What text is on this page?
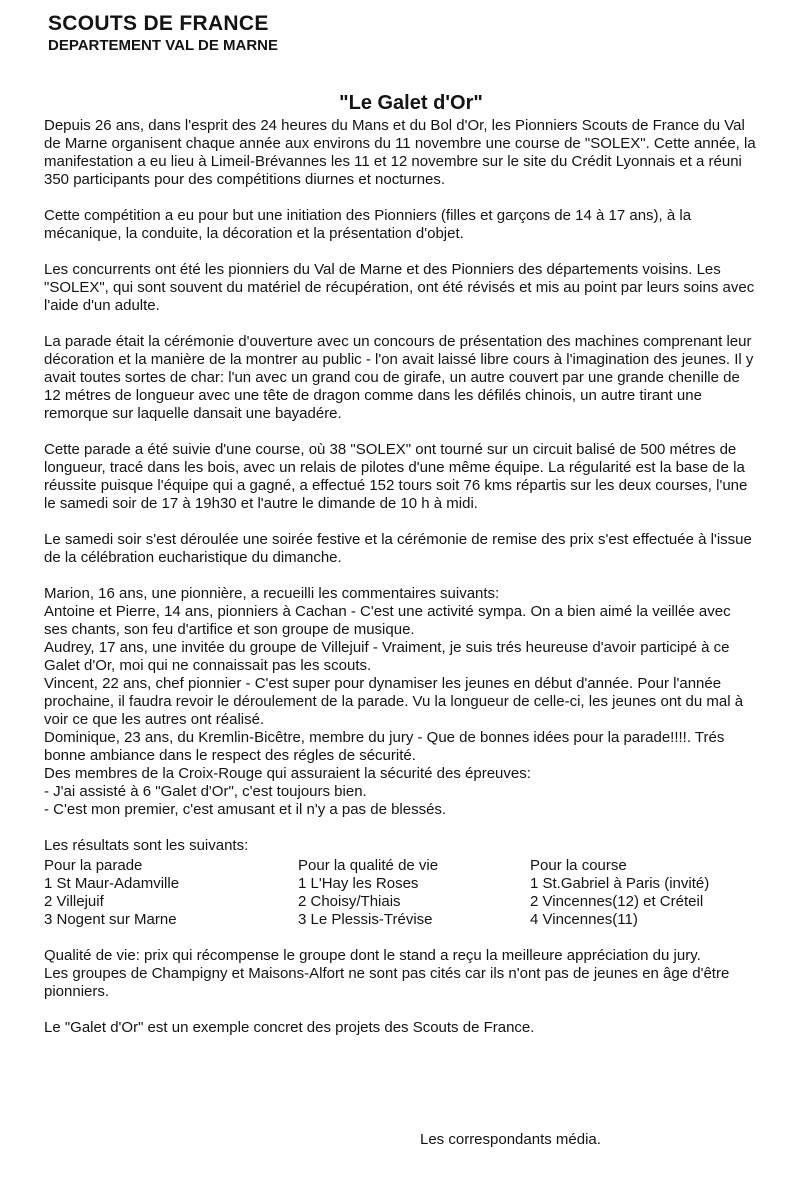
SCOUTS DE FRANCE
DEPARTEMENT VAL DE MARNE
"Le Galet d'Or"

Depuis 26 ans, dans l'esprit des 24 heures du Mans et du Bol d'Or, les Pionniers Scouts de France du Val de Marne organisent chaque année aux environs du 11 novembre une course de "SOLEX". Cette année, la manifestation a eu lieu à Limeil-Brévannes les 11 et 12 novembre sur le site du Crédit Lyonnais et a réuni 350 participants pour des compétitions diurnes et nocturnes.

Cette compétition a eu pour but une initiation des Pionniers (filles et garçons de 14 à 17 ans), à la mécanique, la conduite, la décoration et la présentation d'objet.

Les concurrents ont été les pionniers du Val de Marne et des Pionniers des départements voisins. Les "SOLEX", qui sont souvent du matériel de récupération, ont été révisés et mis au point par leurs soins avec l'aide d'un adulte.

La parade était la cérémonie d'ouverture avec un concours de présentation des machines comprenant leur décoration et la manière de la montrer au public - l'on avait laissé libre cours à l'imagination des jeunes. Il y avait toutes sortes de char: l'un avec un grand cou de girafe, un autre couvert par une grande chenille de 12 métres de longueur avec une tête de dragon comme dans les défilés chinois, un autre tirant une remorque sur laquelle dansait une bayadére.

Cette parade a été suivie d'une course, où 38 "SOLEX" ont tourné sur un circuit balisé de 500 métres de longueur, tracé dans les bois, avec un relais de pilotes d'une même équipe. La régularité est la base de la réussite puisque l'équipe qui a gagné, a effectué 152 tours soit 76 kms répartis sur les deux courses, l'une le samedi soir de 17 à 19h30 et l'autre le dimande de 10 h à midi.

Le samedi soir s'est déroulée une soirée festive et la cérémonie de remise des prix s'est effectuée à l'issue de la célébration eucharistique du dimanche.

Marion, 16 ans, une pionnière, a recueilli les commentaires suivants:
Antoine et Pierre, 14 ans, pionniers à Cachan - C'est une activité sympa. On a bien aimé la veillée avec ses chants, son feu d'artifice et son groupe de musique.
Audrey, 17 ans, une invitée du groupe de Villejuif - Vraiment, je suis trés heureuse d'avoir participé à ce Galet d'Or, moi qui ne connaissait pas les scouts.
Vincent, 22 ans, chef pionnier - C'est super pour dynamiser les jeunes en début d'année. Pour l'année prochaine, il faudra revoir le déroulement de la parade. Vu la longueur de celle-ci, les jeunes ont du mal à voir ce que les autres ont réalisé.
Dominique, 23 ans, du Kremlin-Bicêtre, membre du jury - Que de bonnes idées pour la parade!!!!. Trés bonne ambiance dans le respect des régles de sécurité.
Des membres de la Croix-Rouge qui assuraient la sécurité des épreuves:
- J'ai assisté à 6 "Galet d'Or", c'est toujours bien.
- C'est mon premier, c'est amusant et il n'y a pas de blessés.
Les résultats sont les suivants:
Pour la parade
1 St Maur-Adamville
2 Villejuif
3 Nogent sur Marne
Pour la qualité de vie
1 L'Hay les Roses
2 Choisy/Thiais
3 Le Plessis-Trévise
Pour la course
1 St.Gabriel à Paris (invité)
2 Vincennes(12) et Créteil
4 Vincennes(11)
Qualité de vie: prix qui récompense le groupe dont le stand a reçu la meilleure appréciation du jury.

Les groupes de Champigny et Maisons-Alfort ne sont pas cités car ils n'ont pas de jeunes en âge d'être pionniers.

Le "Galet d'Or" est un exemple concret des projets des Scouts de France.

Les correspondants média.
